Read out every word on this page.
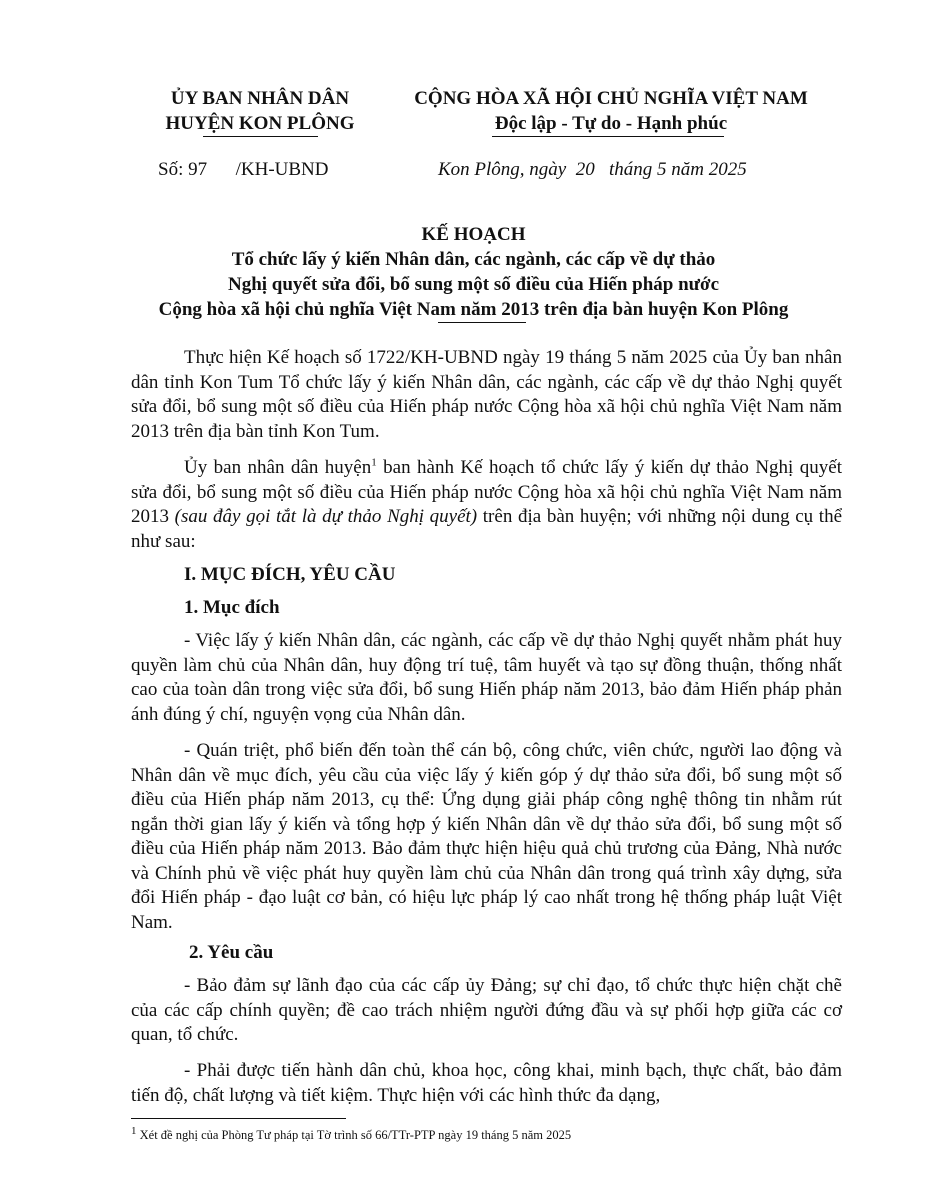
ỦY BAN NHÂN DÂN
HUYỆN KON PLÔNG
CỘNG HÒA XÃ HỘI CHỦ NGHĨA VIỆT NAM
Độc lập - Tự do - Hạnh phúc
Số: 97      /KH-UBND	Kon Plông, ngày  20   tháng 5 năm 2025
KẾ HOẠCH
Tổ chức lấy ý kiến Nhân dân, các ngành, các cấp về dự thảo
Nghị quyết sửa đổi, bổ sung một số điều của Hiến pháp nước
Cộng hòa xã hội chủ nghĩa Việt Nam năm 2013 trên địa bàn huyện Kon Plông
Thực hiện Kế hoạch số 1722/KH-UBND ngày 19 tháng 5 năm 2025 của Ủy ban nhân dân tỉnh Kon Tum Tổ chức lấy ý kiến Nhân dân, các ngành, các cấp về dự thảo Nghị quyết sửa đổi, bổ sung một số điều của Hiến pháp nước Cộng hòa xã hội chủ nghĩa Việt Nam năm 2013 trên địa bàn tỉnh Kon Tum.
Ủy ban nhân dân huyện$^1$ ban hành Kế hoạch tổ chức lấy ý kiến dự thảo Nghị quyết sửa đổi, bổ sung một số điều của Hiến pháp nước Cộng hòa xã hội chủ nghĩa Việt Nam năm 2013 (sau đây gọi tắt là dự thảo Nghị quyết) trên địa bàn huyện; với những nội dung cụ thể như sau:
I. MỤC ĐÍCH, YÊU CẦU
1. Mục đích
- Việc lấy ý kiến Nhân dân, các ngành, các cấp về dự thảo Nghị quyết nhằm phát huy quyền làm chủ của Nhân dân, huy động trí tuệ, tâm huyết và tạo sự đồng thuận, thống nhất cao của toàn dân trong việc sửa đổi, bổ sung Hiến pháp năm 2013, bảo đảm Hiến pháp phản ánh đúng ý chí, nguyện vọng của Nhân dân.
- Quán triệt, phổ biến đến toàn thể cán bộ, công chức, viên chức, người lao động và Nhân dân về mục đích, yêu cầu của việc lấy ý kiến góp ý dự thảo sửa đổi, bổ sung một số điều của Hiến pháp năm 2013, cụ thể: Ứng dụng giải pháp công nghệ thông tin nhằm rút ngắn thời gian lấy ý kiến và tổng hợp ý kiến Nhân dân về dự thảo sửa đổi, bổ sung một số điều của Hiến pháp năm 2013. Bảo đảm thực hiện hiệu quả chủ trương của Đảng, Nhà nước và Chính phủ về việc phát huy quyền làm chủ của Nhân dân trong quá trình xây dựng, sửa đổi Hiến pháp - đạo luật cơ bản, có hiệu lực pháp lý cao nhất trong hệ thống pháp luật Việt Nam.
2. Yêu cầu
- Bảo đảm sự lãnh đạo của các cấp ủy Đảng; sự chỉ đạo, tổ chức thực hiện chặt chẽ của các cấp chính quyền; đề cao trách nhiệm người đứng đầu và sự phối hợp giữa các cơ quan, tổ chức.
- Phải được tiến hành dân chủ, khoa học, công khai, minh bạch, thực chất, bảo đảm tiến độ, chất lượng và tiết kiệm. Thực hiện với các hình thức đa dạng,
$^1$ Xét đề nghị của Phòng Tư pháp tại Tờ trình số 66/TTr-PTP ngày 19 tháng 5 năm 2025
